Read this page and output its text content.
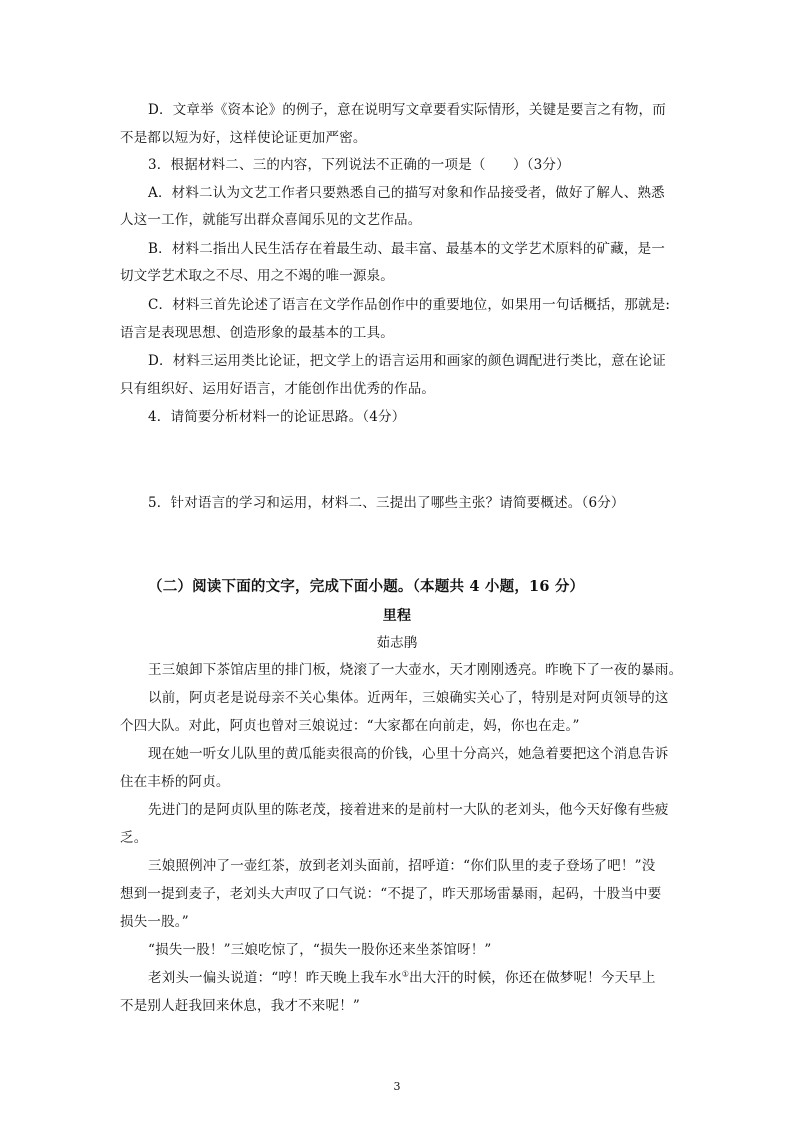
D．文章举《资本论》的例子，意在说明写文章要看实际情形，关键是要言之有物，而
不是都以短为好，这样使论证更加严密。
3．根据材料二、三的内容，下列说法不正确的一项是（　　）（3分）
A．材料二认为文艺工作者只要熟悉自己的描写对象和作品接受者，做好了解人、熟悉
人这一工作，就能写出群众喜闻乐见的文艺作品。
B．材料二指出人民生活存在着最生动、最丰富、最基本的文学艺术原料的矿藏，是一
切文学艺术取之不尽、用之不竭的唯一源泉。
C．材料三首先论述了语言在文学作品创作中的重要地位，如果用一句话概括，那就是:
语言是表现思想、创造形象的最基本的工具。
D．材料三运用类比论证，把文学上的语言运用和画家的颜色调配进行类比，意在论证
只有组织好、运用好语言，才能创作出优秀的作品。
4．请简要分析材料一的论证思路。（4分）
5．针对语言的学习和运用，材料二、三提出了哪些主张？请简要概述。（6分）
（二）阅读下面的文字，完成下面小题。（本题共 4 小题，16 分）
里程
茹志鹃
王三娘卸下茶馆店里的排门板，烧滚了一大壶水，天才刚刚透亮。昨晚下了一夜的暴雨。
以前，阿贞老是说母亲不关心集体。近两年，三娘确实关心了，特别是对阿贞领导的这
个四大队。对此，阿贞也曾对三娘说过：“大家都在向前走，妈，你也在走。”
现在她一听女儿队里的黄瓜能卖很高的价钱，心里十分高兴，她急着要把这个消息告诉
住在丰桥的阿贞。
先进门的是阿贞队里的陈老茂，接着进来的是前村一大队的老刘头，他今天好像有些疲
乏。
三娘照例冲了一壶红茶，放到老刘头面前，招呼道：“你们队里的麦子登场了吧！”没
想到一提到麦子，老刘头大声叹了口气说：“不提了，昨天那场雷暴雨，起码，十股当中要
损失一股。”
“损失一股！”三娘吃惊了，“损失一股你还来坐茶馆呀！”
老刘头一偏头说道：“哼！昨天晚上我车水①出大汗的时候，你还在做梦呢！今天早上
不是别人赶我回来休息，我才不来呢！”
3
